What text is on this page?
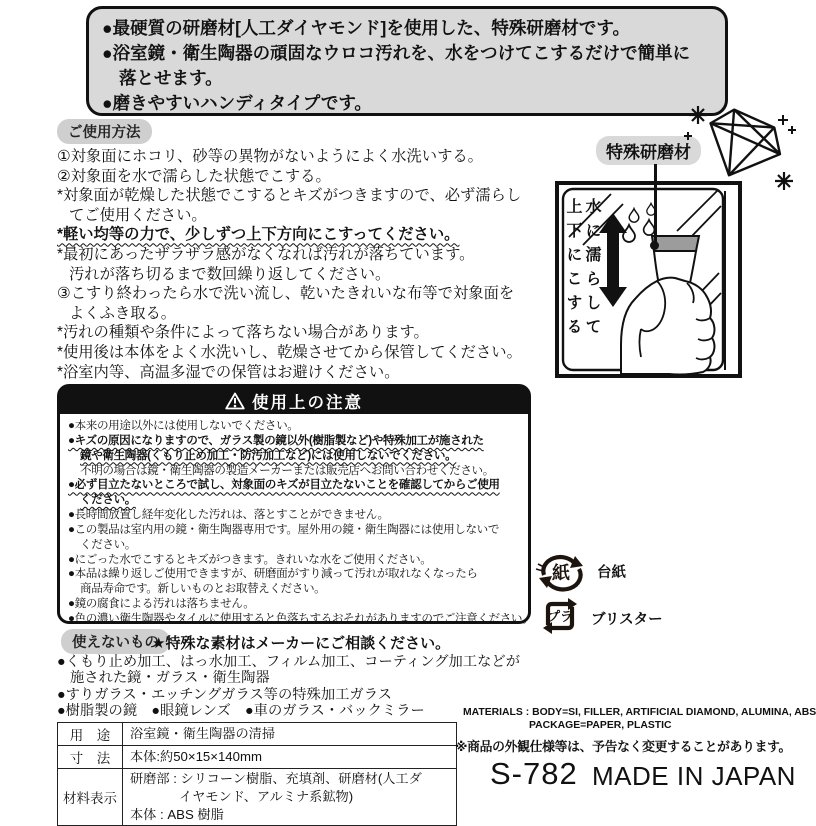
●最硬質の研磨材[人工ダイヤモンド]を使用した、特殊研磨材です。
●浴室鏡・衛生陶器の頑固なウロコ汚れを、水をつけてこするだけで簡単に
落とせます。
●磨きやすいハンディタイプです。
ご使用方法
①対象面にホコリ、砂等の異物がないようによく水洗いする。
②対象面を水で濡らした状態でこする。
*対象面が乾燥した状態でこするとキズがつきますので、必ず濡らし
てご使用ください。
*軽い均等の力で、少しずつ上下方向にこすってください。
*最初にあったザラザラ感がなくなれば汚れが落ちています。
汚れが落ち切るまで数回繰り返してください。
③こすり終わったら水で洗い流し、乾いたきれいな布等で対象面を
よくふき取る。
*汚れの種類や条件によって落ちない場合があります。
*使用後は本体をよく水洗いし、乾燥させてから保管してください。
*浴室内等、高温多湿での保管はお避けください。
特殊研磨材
水に濡らして
上下にこする
使用上の注意
●本来の用途以外には使用しないでください。
●キズの原因になりますので、ガラス製の鏡以外(樹脂製など)や特殊加工が施された
鏡や衛生陶器(くもり止め加工・防汚加工など)には使用しないでください。
不明の場合は鏡・衛生陶器の製造メーカーまたは販売店へお問い合わせください。
●必ず目立たないところで試し、対象面のキズが目立たないことを確認してからご使用
ください。
●長時間放置し経年変化した汚れは、落とすことができません。
●この製品は室内用の鏡・衛生陶器専用です。屋外用の鏡・衛生陶器には使用しないで
ください。
●にごった水でこするとキズがつきます。きれいな水をご使用ください。
●本品は繰り返しご使用できますが、研磨面がすり減って汚れが取れなくなったら
商品寿命です。新しいものとお取替えください。
●鏡の腐食による汚れは落ちません。
●色の濃い衛生陶器やタイルに使用すると色落ちするおそれがありますのでご注意ください。
紙 台紙
プラ ブリスター
使えないもの
★特殊な素材はメーカーにご相談ください。
●くもり止め加工、はっ水加工、フィルム加工、コーティング加工などが
施された鏡・ガラス・衛生陶器
●すりガラス・エッチングガラス等の特殊加工ガラス
●樹脂製の鏡　●眼鏡レンズ　●車のガラス・バックミラー
用　途	浴室鏡・衛生陶器の清掃

寸　法	本体:約50×15×140mm

材料表示	研磨部 : シリコーン樹脂、充填剤、研磨材(人工ダ
イヤモンド、アルミナ系鉱物)
本体 : ABS 樹脂
MATERIALS : BODY=SI, FILLER, ARTIFICIAL DIAMOND, ALUMINA, ABS
PACKAGE=PAPER, PLASTIC
※商品の外観仕様等は、予告なく変更することがあります。
S-782 MADE IN JAPAN
